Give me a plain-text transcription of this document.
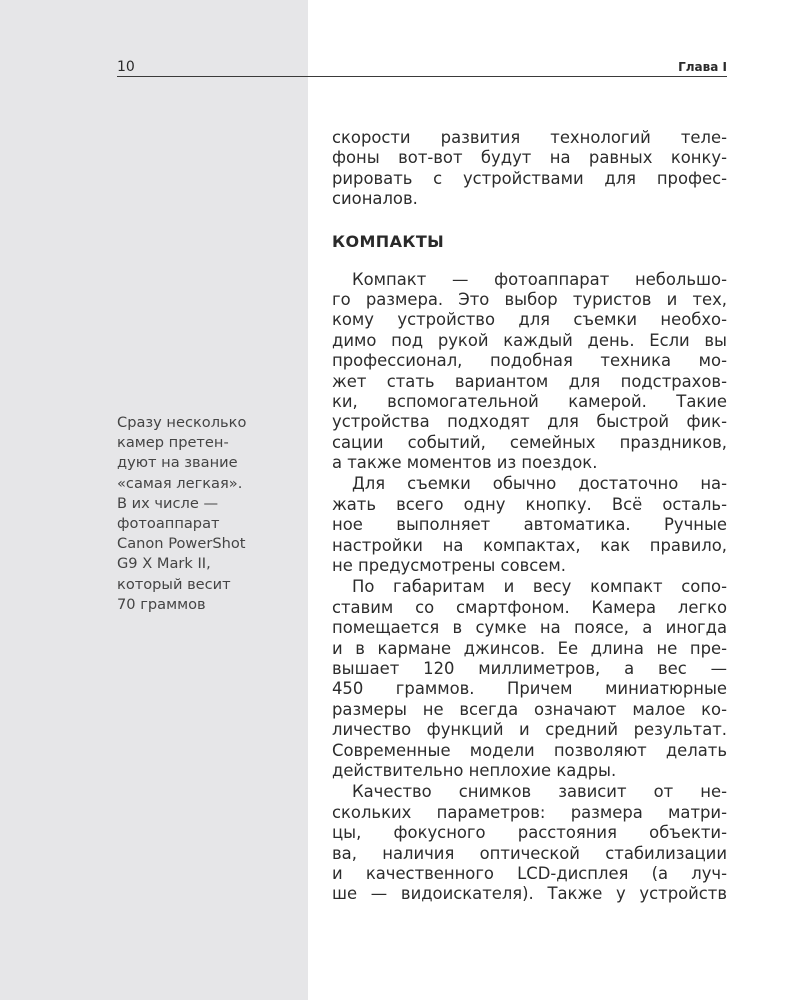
10	Глава I
Сразу несколько
камер претен-
дуют на звание
«самая легкая».
В их числе —
фотоаппарат
Canon PowerShot
G9 X Mark II,
который весит
70 граммов
скорости развития технологий теле-
фоны вот-вот будут на равных конку-
рировать с устройствами для профес-
сионалов.
КОМПАКТЫ
Компакт — фотоаппарат небольшо-
го размера. Это выбор туристов и тех,
кому устройство для съемки необхо-
димо под рукой каждый день. Если вы
профессионал, подобная техника мо-
жет стать вариантом для подстрахов-
ки, вспомогательной камерой. Такие
устройства подходят для быстрой фик-
сации событий, семейных праздников,
а также моментов из поездок.
Для съемки обычно достаточно на-
жать всего одну кнопку. Всё осталь-
ное выполняет автоматика. Ручные
настройки на компактах, как правило,
не предусмотрены совсем.
По габаритам и весу компакт сопо-
ставим со смартфоном. Камера легко
помещается в сумке на поясе, а иногда
и в кармане джинсов. Ее длина не пре-
вышает 120 миллиметров, а вес —
450 граммов. Причем миниатюрные
размеры не всегда означают малое ко-
личество функций и средний результат.
Современные модели позволяют делать
действительно неплохие кадры.
Качество снимков зависит от не-
скольких параметров: размера матри-
цы, фокусного расстояния объекти-
ва, наличия оптической стабилизации
и качественного LCD-дисплея (а луч-
ше — видоискателя). Также у устройств
